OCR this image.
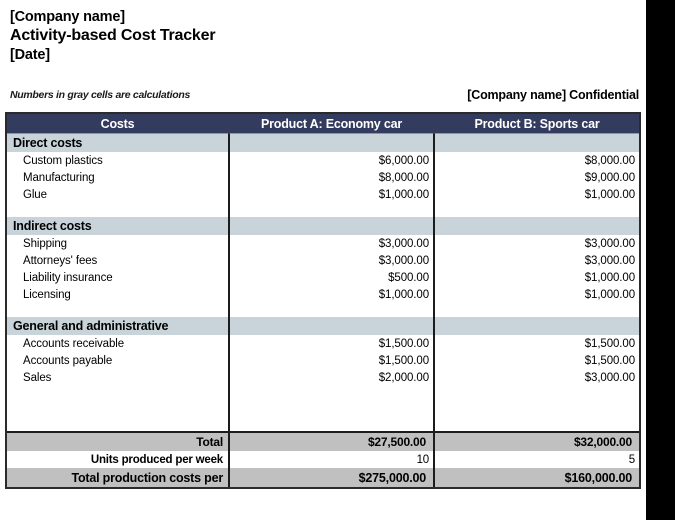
[Company name]
Activity-based Cost Tracker
[Date]
Numbers in gray cells are calculations	[Company name] Confidential
Costs	Product A: Economy car	Product B: Sports car
Direct costs		
Custom plastics	$6,000.00	$8,000.00
Manufacturing	$8,000.00	$9,000.00
Glue	$1,000.00	$1,000.00

Indirect costs		
Shipping	$3,000.00	$3,000.00
Attorneys' fees	$3,000.00	$3,000.00
Liability insurance	$500.00	$1,000.00
Licensing	$1,000.00	$1,000.00

General and administrative		
Accounts receivable	$1,500.00	$1,500.00
Accounts payable	$1,500.00	$1,500.00
Sales	$2,000.00	$3,000.00

Total	$27,500.00	$32,000.00
Units produced per week	10	5
Total production costs per	$275,000.00	$160,000.00
